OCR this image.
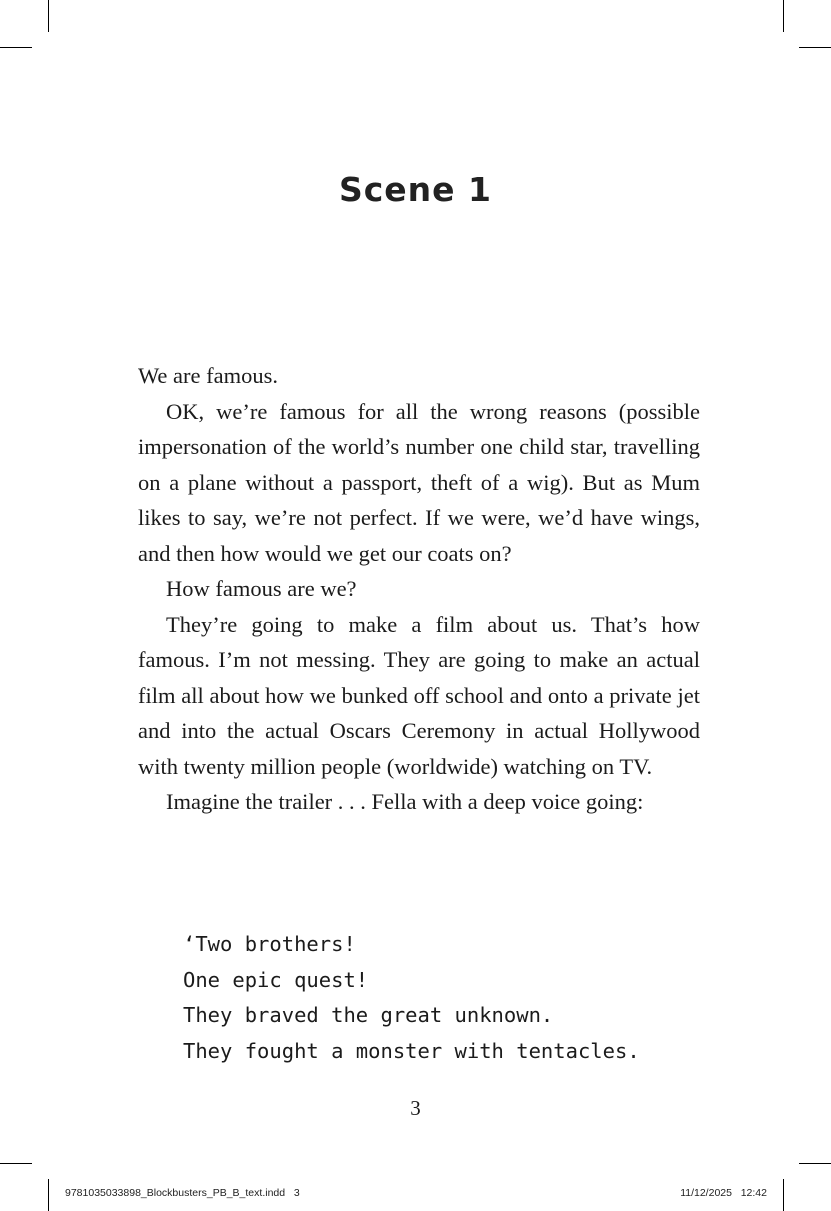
Scene 1

We are famous.

OK, we’re famous for all the wrong reasons (possible impersonation of the world’s number one child star, travelling on a plane without a passport, theft of a wig). But as Mum likes to say, we’re not perfect. If we were, we’d have wings, and then how would we get our coats on?

How famous are we?

They’re going to make a film about us. That’s how famous. I’m not messing. They are going to make an actual film all about how we bunked off school and onto a private jet and into the actual Oscars Ceremony in actual Hollywood with twenty million people (worldwide) watching on TV.

Imagine the trailer . . . Fella with a deep voice going:

‘Two brothers!
One epic quest!
They braved the great unknown.
They fought a monster with tentacles.
3
9781035033898_Blockbusters_PB_B_text.indd   3	11/12/2025   12:42
